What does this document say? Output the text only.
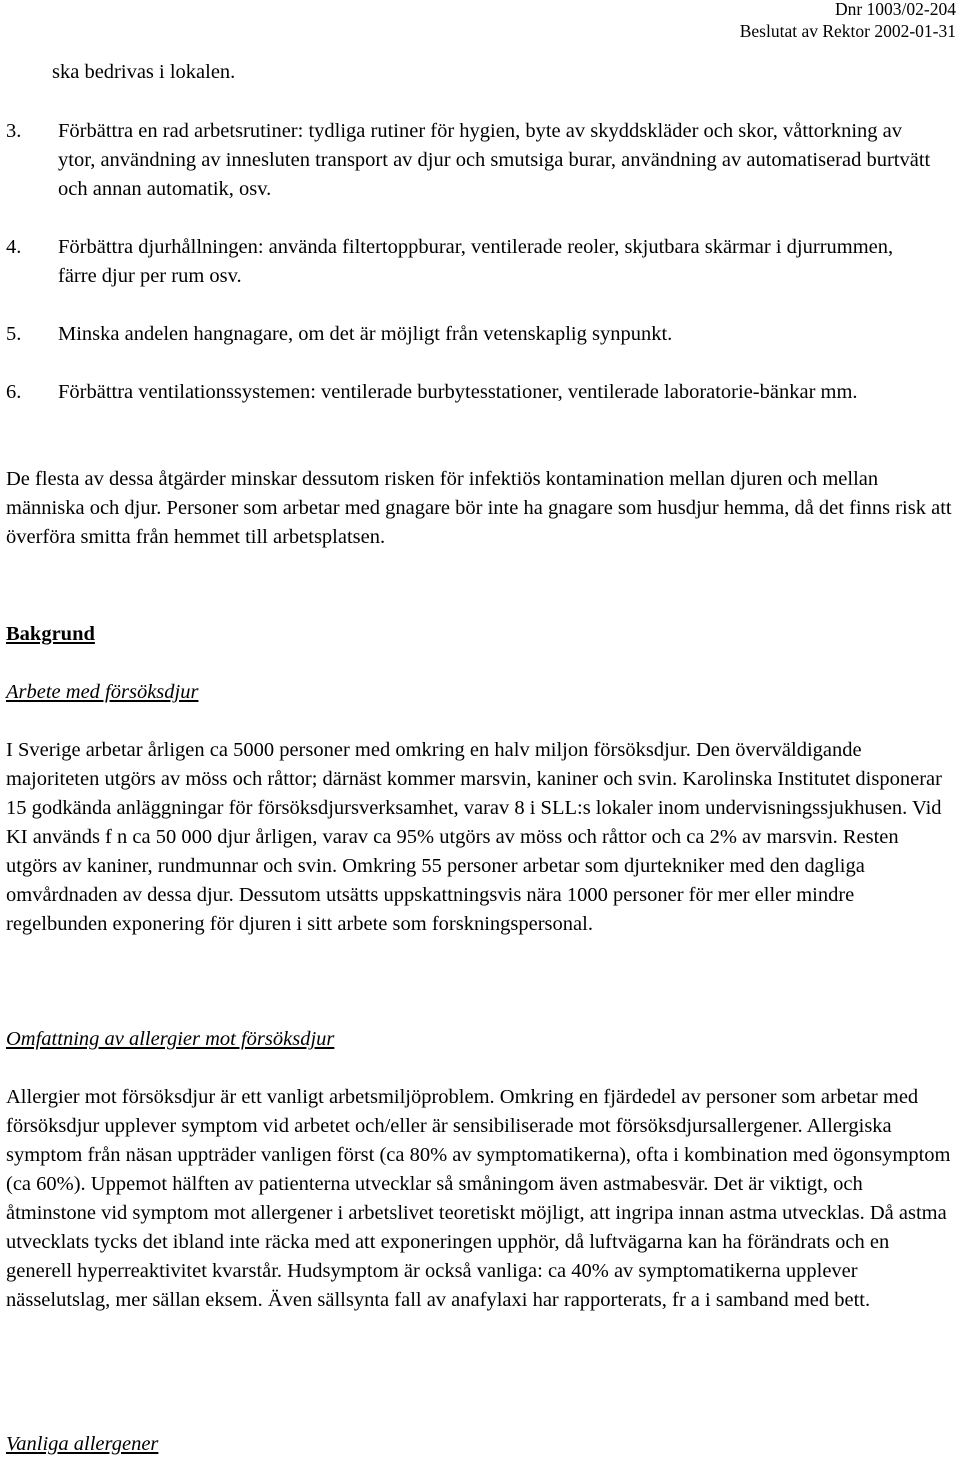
Dnr 1003/02-204
Beslutat av Rektor 2002-01-31

ska bedrivas i lokalen.

3. Förbättra en rad arbetsrutiner: tydliga rutiner för hygien, byte av skyddskläder och skor, våttorkning av ytor, användning av innesluten transport av djur och smutsiga burar, användning av automatiserad burtvätt och annan automatik, osv.
4. Förbättra djurhållningen: använda filtertoppburar, ventilerade reoler, skjutbara skärmar i djurrummen, färre djur per rum osv.
5. Minska andelen hangnagare, om det är möjligt från vetenskaplig synpunkt.
6. Förbättra ventilationssystemen: ventilerade burbytesstationer, ventilerade laboratorie-bänkar mm.

De flesta av dessa åtgärder minskar dessutom risken för infektiös kontamination mellan djuren och mellan människa och djur. Personer som arbetar med gnagare bör inte ha gnagare som husdjur hemma, då det finns risk att överföra smitta från hemmet till arbetsplatsen.

Bakgrund

Arbete med försöksdjur

I Sverige arbetar årligen ca 5000 personer med omkring en halv miljon försöksdjur. Den överväldigande majoriteten utgörs av möss och råttor; därnäst kommer marsvin, kaniner och svin. Karolinska Institutet disponerar 15 godkända anläggningar för försöksdjursverksamhet, varav 8 i SLL:s lokaler inom undervisningssjukhusen. Vid KI används f n ca 50 000 djur årligen, varav ca 95% utgörs av möss och råttor och ca 2% av marsvin. Resten utgörs av kaniner, rundmunnar och svin. Omkring 55 personer arbetar som djurtekniker med den dagliga omvårdnaden av dessa djur. Dessutom utsätts uppskattningsvis nära 1000 personer för mer eller mindre regelbunden exponering för djuren i sitt arbete som forskningspersonal.

Omfattning av allergier mot försöksdjur

Allergier mot försöksdjur är ett vanligt arbetsmiljöproblem. Omkring en fjärdedel av personer som arbetar med försöksdjur upplever symptom vid arbetet och/eller är sensibiliserade mot försöksdjursallergener. Allergiska symptom från näsan uppträder vanligen först (ca 80% av symptomatikerna), ofta i kombination med ögonsymptom (ca 60%). Uppemot hälften av patienterna utvecklar så småningom även astmabesvär. Det är viktigt, och åtminstone vid symptom mot allergener i arbetslivet teoretiskt möjligt, att ingripa innan astma utvecklas. Då astma utvecklats tycks det ibland inte räcka med att exponeringen upphör, då luftvägarna kan ha förändrats och en generell hyperreaktivitet kvarstår. Hudsymptom är också vanliga: ca 40% av symptomatikerna upplever nässelutslag, mer sällan eksem. Även sällsynta fall av anafylaxi har rapporterats, fr a i samband med bett.

Vanliga allergener
